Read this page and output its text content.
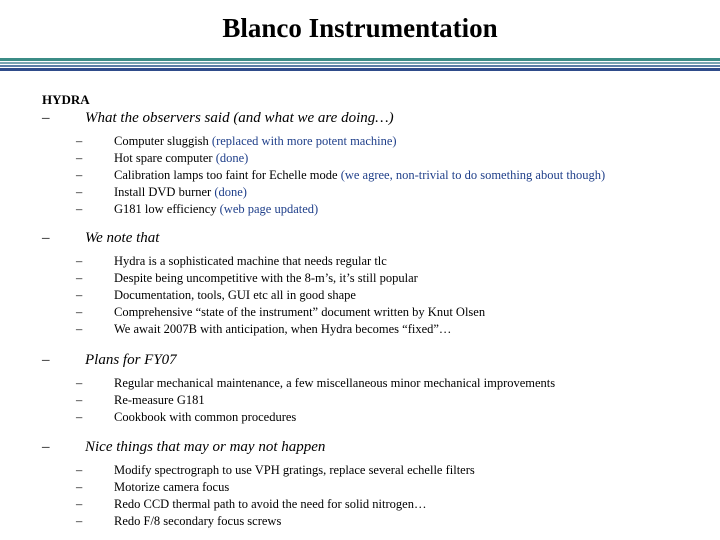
Blanco Instrumentation
HYDRA
– What the observers said (and what we are doing…)
–	Computer sluggish (replaced with more potent machine)
–	Hot spare computer (done)
–	Calibration lamps too faint for Echelle mode (we agree, non-trivial to do something about though)
–	Install DVD burner (done)
–	G181 low efficiency (web page updated)
– We note that
–	Hydra is a sophisticated machine that needs regular tlc
–	Despite being uncompetitive with the 8-m’s, it’s still popular
–	Documentation, tools, GUI etc all in good shape
–	Comprehensive “state of the instrument” document written by Knut Olsen
–	We await 2007B with anticipation, when Hydra becomes “fixed”…
– Plans for FY07
–	Regular mechanical maintenance, a few miscellaneous minor mechanical improvements
–	Re-measure G181
–	Cookbook with common procedures
– Nice things that may or may not happen
–	Modify spectrograph to use VPH gratings, replace several echelle filters
–	Motorize camera focus
–	Redo CCD thermal path to avoid the need for solid nitrogen…
–	Redo F/8 secondary focus screws
